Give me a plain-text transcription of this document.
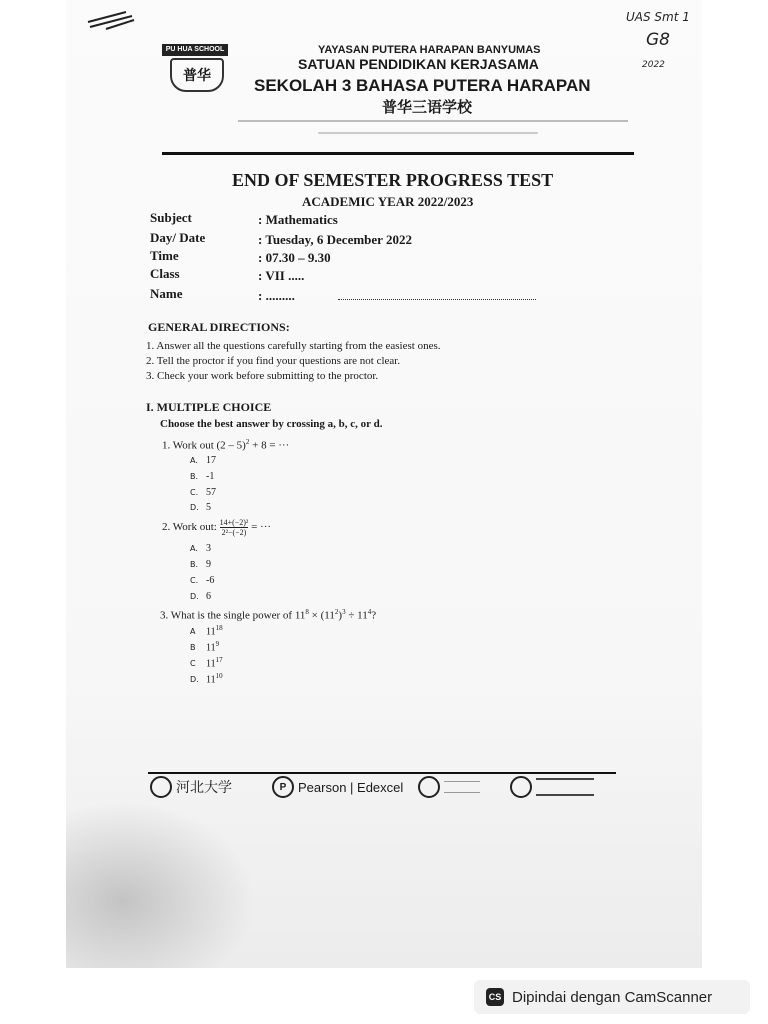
UAS Smt 1
G8
2022
PU HUA SCHOOL
普华
YAYASAN PUTERA HARAPAN BANYUMAS
SATUAN PENDIDIKAN KERJASAMA
SEKOLAH 3 BAHASA PUTERA HARAPAN
普华三语学校
END OF SEMESTER PROGRESS TEST
ACADEMIC YEAR 2022/2023
Subject	: Mathematics
Day/ Date	: Tuesday, 6 December 2022
Time	: 07.30 – 9.30
Class	: VII .....
Name	: .........
GENERAL DIRECTIONS:
1. Answer all the questions carefully starting from the easiest ones.
2. Tell the proctor if you find your questions are not clear.
3. Check your work before submitting to the proctor.
I. MULTIPLE CHOICE
Choose the best answer by crossing a, b, c, or d.
1. Work out (2 – 5)$^2$ + 8 = ···
A. 17
B. -1
C. 57
D. 5
2. Work out: $\frac{\text{14+(−2)²}}{\text{2²−(−2)}}$ = ···
A. 3
B. 9
C. -6
D. 6
3. What is the single power of $11^8 \times (11^2)^3 \div 11^4$?
A $11^{18}$
B $11^9$
C $11^{17}$
D. $11^{10}$
河北大学	P Pearson | Edexcel
CS Dipindai dengan CamScanner
